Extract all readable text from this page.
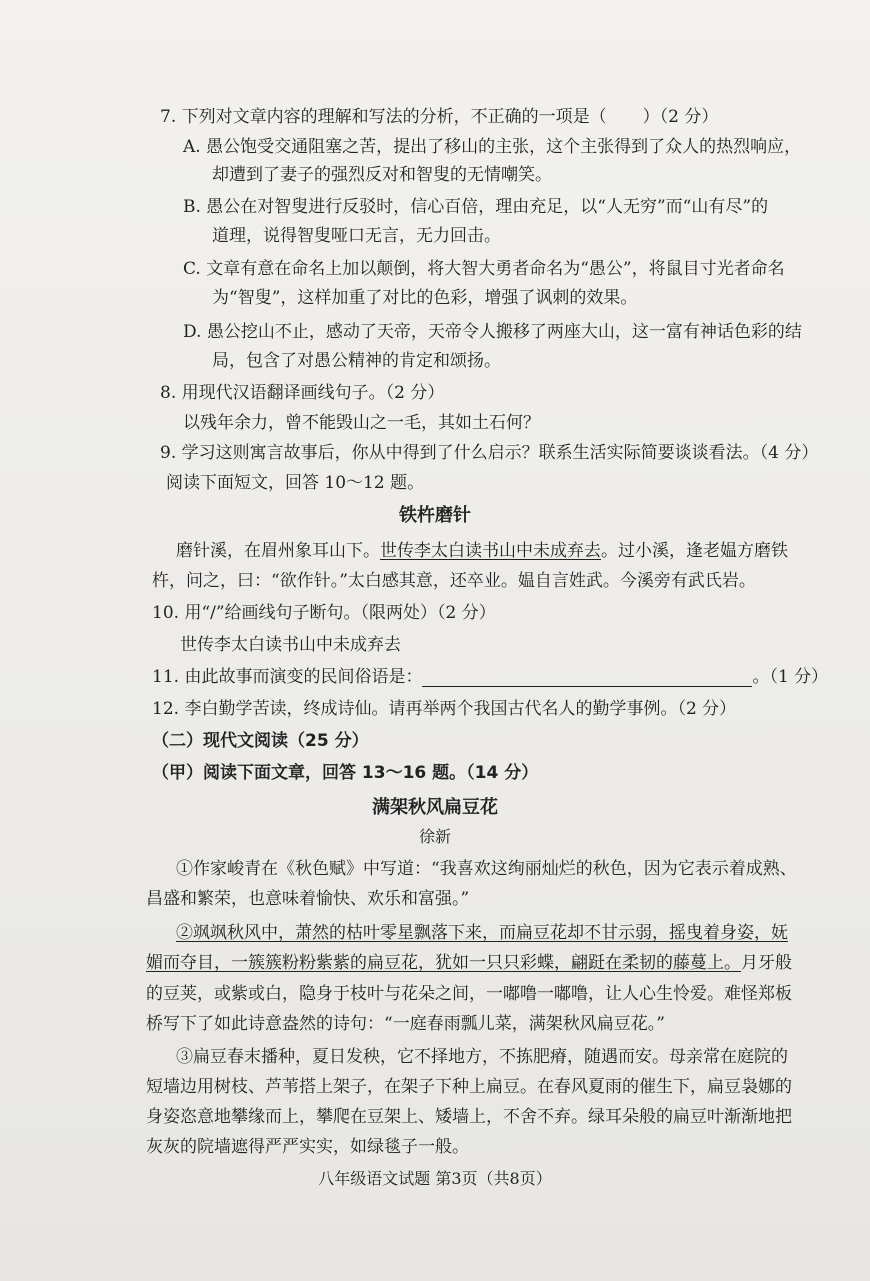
7. 下列对文章内容的理解和写法的分析，不正确的一项是（ ）（2 分）
A. 愚公饱受交通阻塞之苦，提出了移山的主张，这个主张得到了众人的热烈响应，
却遭到了妻子的强烈反对和智叟的无情嘲笑。
B. 愚公在对智叟进行反驳时，信心百倍，理由充足，以“人无穷”而“山有尽”的
道理，说得智叟哑口无言，无力回击。
C. 文章有意在命名上加以颠倒，将大智大勇者命名为“愚公”，将鼠目寸光者命名
为“智叟”，这样加重了对比的色彩，增强了讽刺的效果。
D. 愚公挖山不止，感动了天帝，天帝令人搬移了两座大山，这一富有神话色彩的结
局，包含了对愚公精神的肯定和颂扬。
8. 用现代汉语翻译画线句子。（2 分）
以残年余力，曾不能毁山之一毛，其如土石何？
9. 学习这则寓言故事后，你从中得到了什么启示？联系生活实际简要谈谈看法。（4 分）
阅读下面短文，回答 10～12 题。
铁杵磨针
磨针溪，在眉州象耳山下。世传李太白读书山中未成弃去。过小溪，逢老媪方磨铁
杵，问之，曰：“欲作针。”太白感其意，还卒业。媪自言姓武。今溪旁有武氏岩。
10. 用“/”给画线句子断句。（限两处）（2 分）
世传李太白读书山中未成弃去
11. 由此故事而演变的民间俗语是：	。（1 分）
12. 李白勤学苦读，终成诗仙。请再举两个我国古代名人的勤学事例。（2 分）
（二）现代文阅读（25 分）
（甲）阅读下面文章，回答 13～16 题。（14 分）
满架秋风扁豆花
徐新
①作家峻青在《秋色赋》中写道：“我喜欢这绚丽灿烂的秋色，因为它表示着成熟、
昌盛和繁荣，也意味着愉快、欢乐和富强。”
②飒飒秋风中，萧然的枯叶零星飘落下来，而扁豆花却不甘示弱，摇曳着身姿，妩
媚而夺目，一簇簇粉粉紫紫的扁豆花，犹如一只只彩蝶，翩跹在柔韧的藤蔓上。月牙般
的豆荚，或紫或白，隐身于枝叶与花朵之间，一嘟噜一嘟噜，让人心生怜爱。难怪郑板
桥写下了如此诗意盎然的诗句：“一庭春雨瓢儿菜，满架秋风扁豆花。”
③扁豆春末播种，夏日发秧，它不择地方，不拣肥瘠，随遇而安。母亲常在庭院的
短墙边用树枝、芦苇搭上架子，在架子下种上扁豆。在春风夏雨的催生下，扁豆袅娜的
身姿恣意地攀缘而上，攀爬在豆架上、矮墙上，不舍不弃。绿耳朵般的扁豆叶渐渐地把
灰灰的院墙遮得严严实实，如绿毯子一般。
八年级语文试题 第3页（共8页）
